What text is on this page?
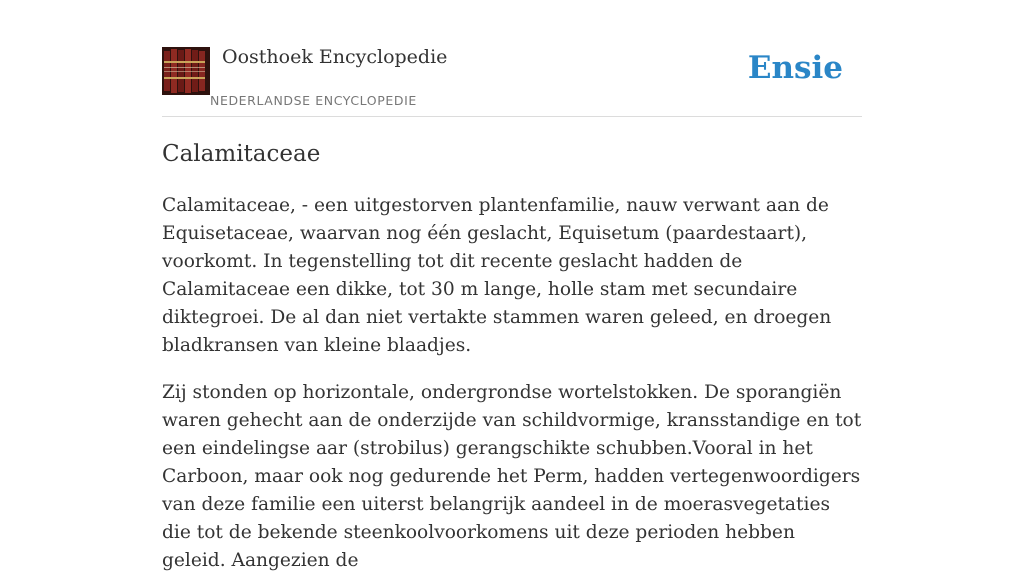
Oosthoek Encyclopedie
NEDERLANDSE ENCYCLOPEDIE
Ensie
Calamitaceae

Calamitaceae, - een uitgestorven plantenfamilie, nauw verwant aan de Equisetaceae, waarvan nog één geslacht, Equisetum (paardestaart), voorkomt. In tegenstelling tot dit recente geslacht hadden de Calamitaceae een dikke, tot 30 m lange, holle stam met secundaire diktegroei. De al dan niet vertakte stammen waren geleed, en droegen bladkransen van kleine blaadjes.

Zij stonden op horizontale, ondergrondse wortelstokken. De sporangiën waren gehecht aan de onderzijde van schildvormige, kransstandige en tot een eindelingse aar (strobilus) gerangschikte schubben.Vooral in het Carboon, maar ook nog gedurende het Perm, hadden vertegenwoordigers van deze familie een uiterst belangrijk aandeel in de moerasvegetaties die tot de bekende steenkoolvoorkomens uit deze perioden hebben geleid. Aangezien de
